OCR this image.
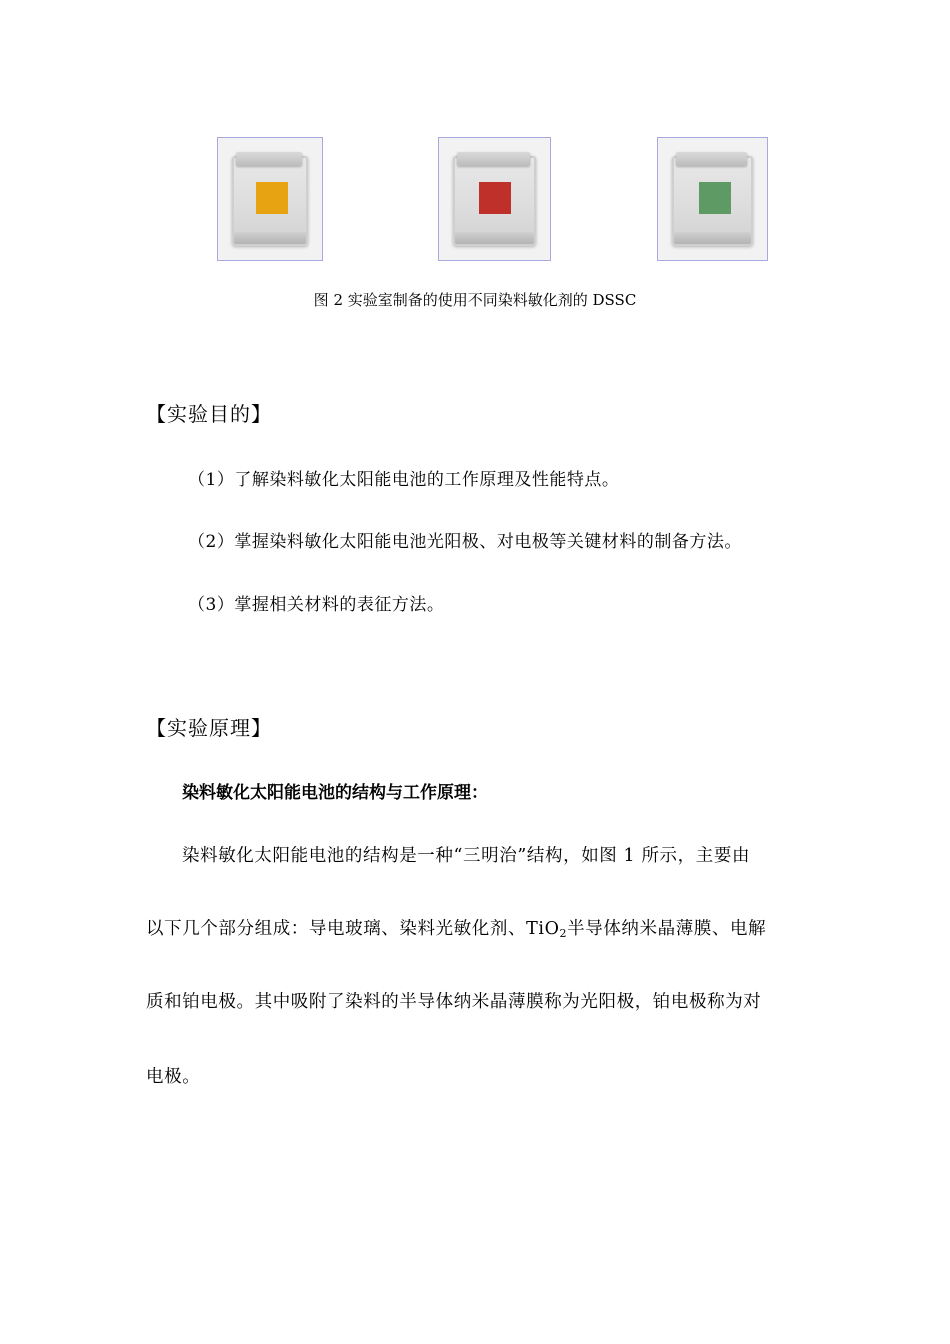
图 2 实验室制备的使用不同染料敏化剂的 DSSC
【实验目的】
（1）了解染料敏化太阳能电池的工作原理及性能特点。
（2）掌握染料敏化太阳能电池光阳极、对电极等关键材料的制备方法。
（3）掌握相关材料的表征方法。
【实验原理】
染料敏化太阳能电池的结构与工作原理：
染料敏化太阳能电池的结构是一种“三明治”结构，如图 1 所示，主要由
以下几个部分组成：导电玻璃、染料光敏化剂、TiO$_2$半导体纳米晶薄膜、电解
质和铂电极。其中吸附了染料的半导体纳米晶薄膜称为光阳极，铂电极称为对
电极。
